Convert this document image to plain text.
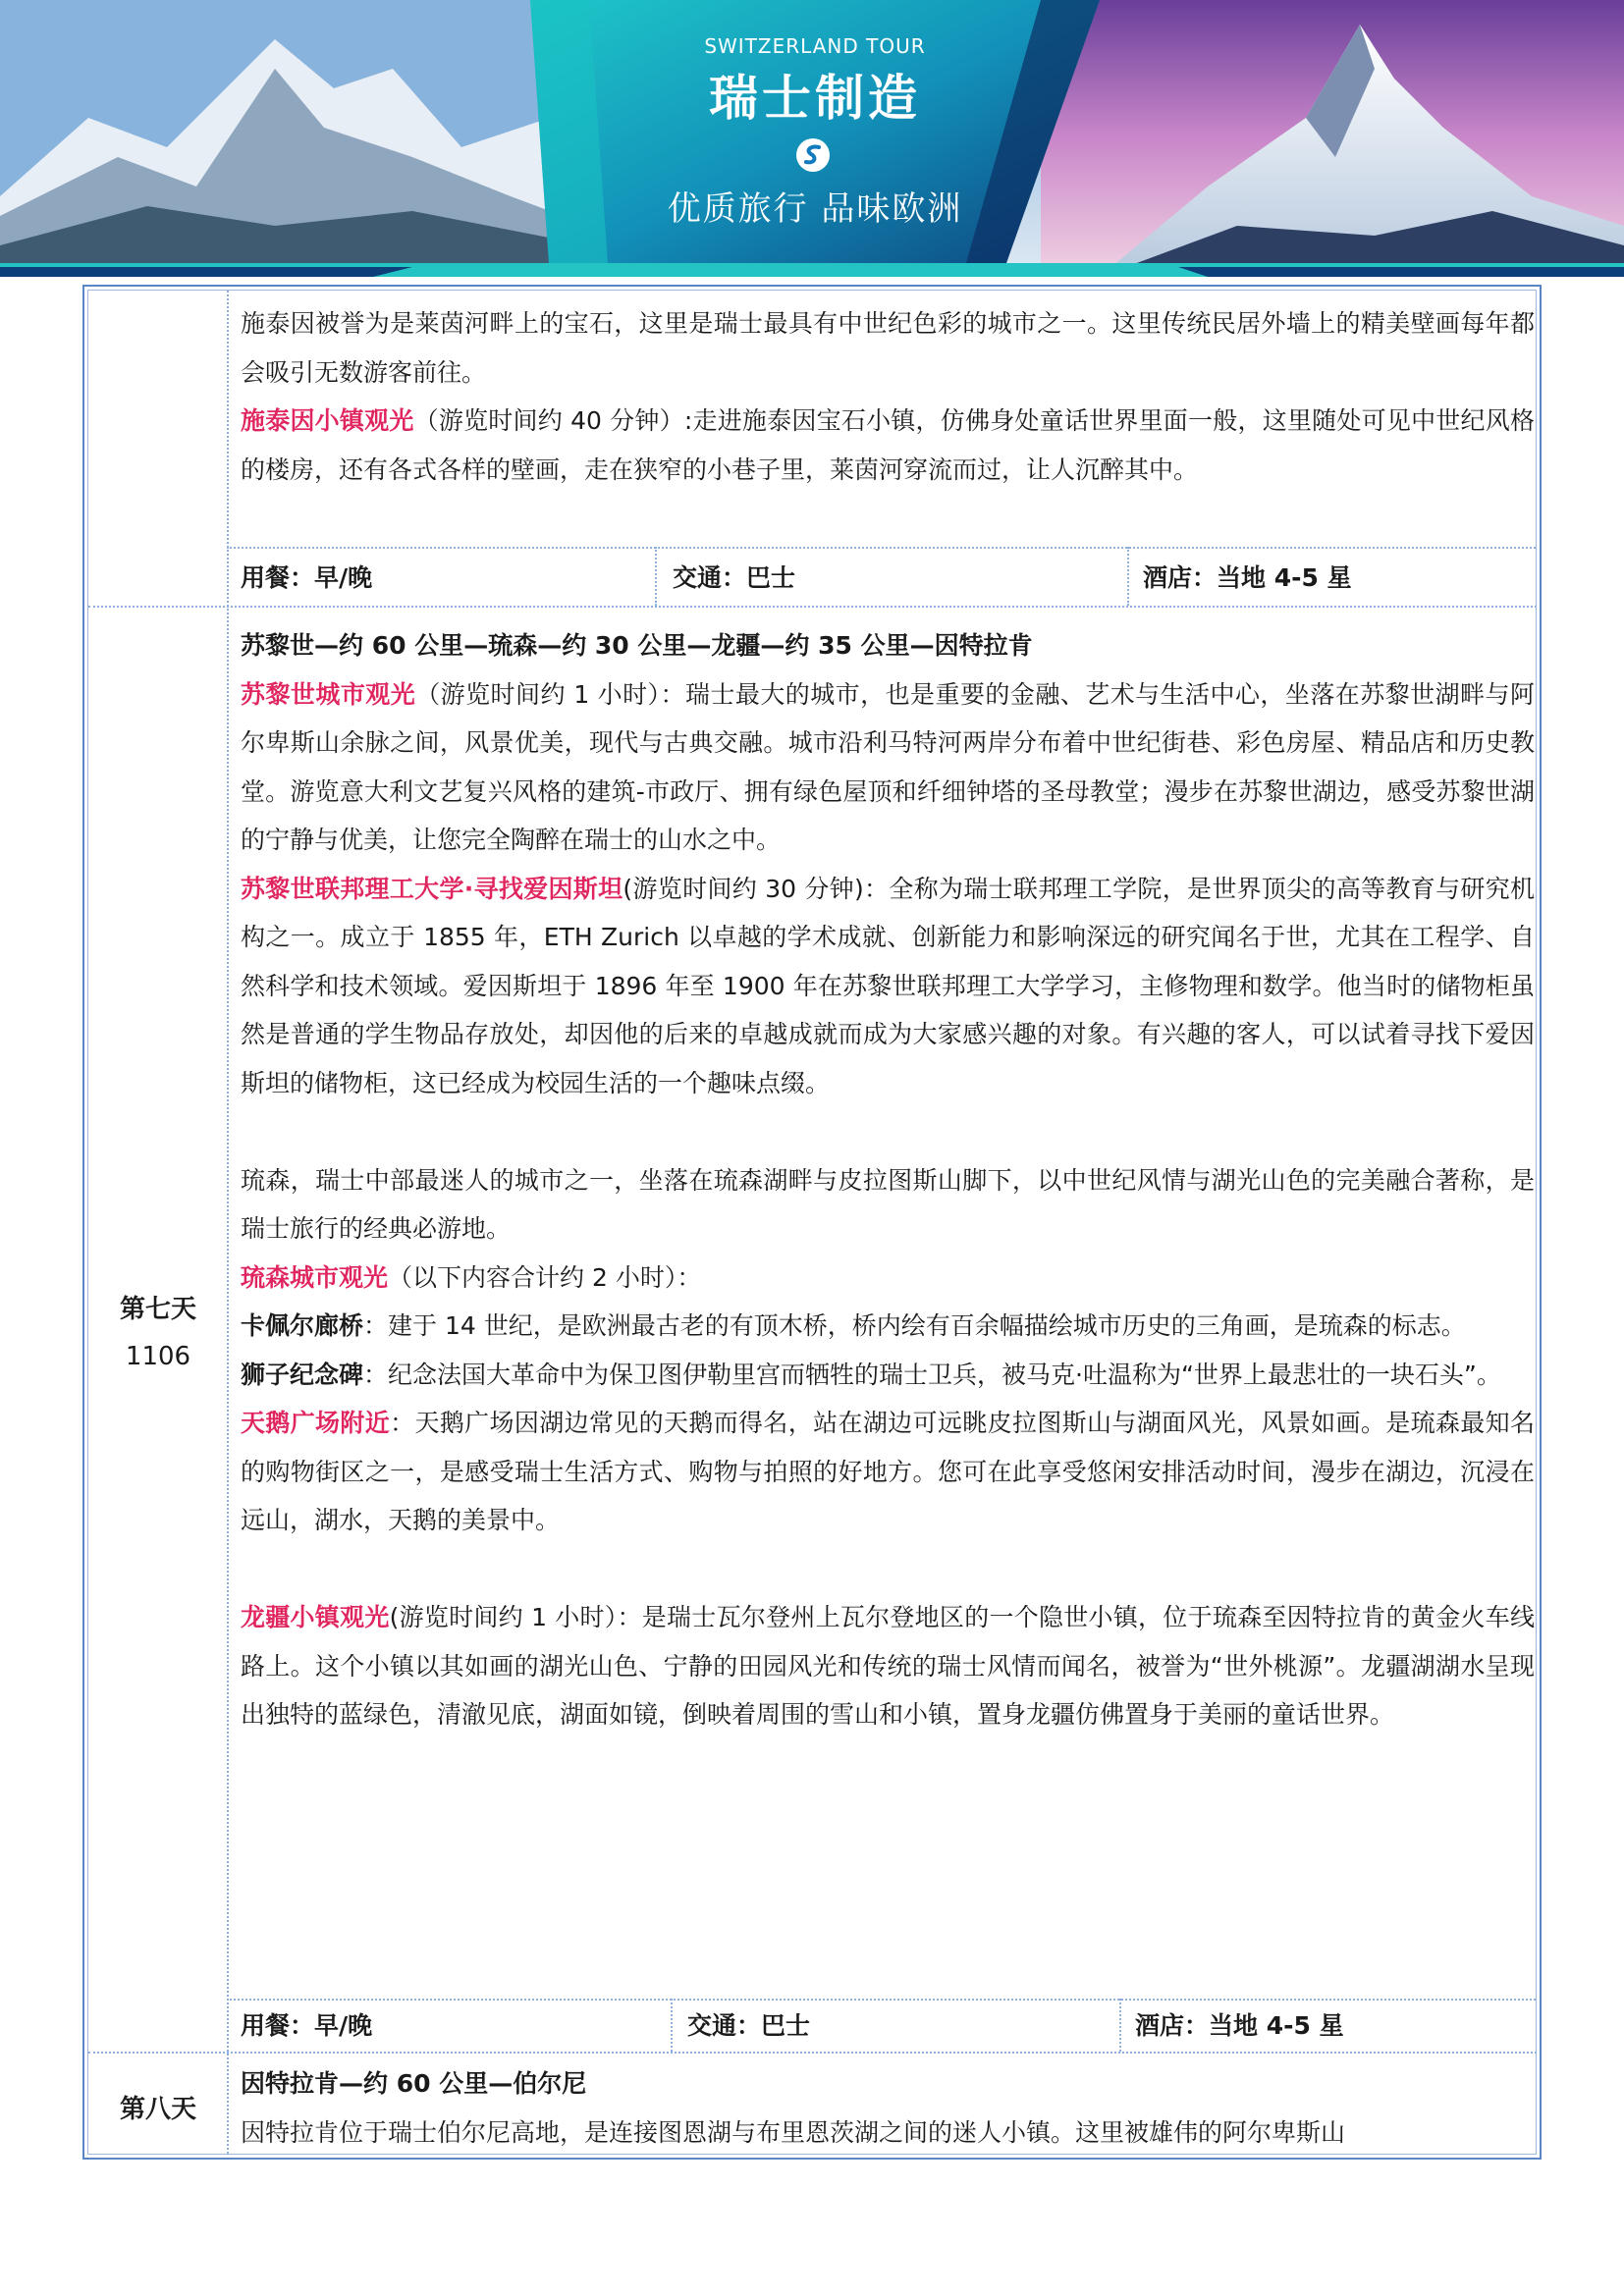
SWITZERLAND TOUR
瑞士制造
优质旅行 品味欧洲

施泰因被誉为是莱茵河畔上的宝石，这里是瑞士最具有中世纪色彩的城市之一。这里传统民居外墙上的精美壁画每年都会吸引无数游客前往。

施泰因小镇观光（游览时间约 40 分钟）:走进施泰因宝石小镇，仿佛身处童话世界里面一般，这里随处可见中世纪风格的楼房，还有各式各样的壁画，走在狭窄的小巷子里，莱茵河穿流而过，让人沉醉其中。

用餐：早/晚	交通：巴士	酒店：当地 4-5 星
第七天
1106

苏黎世—约 60 公里—琉森—约 30 公里—龙疆—约 35 公里—因特拉肯

苏黎世城市观光（游览时间约 1 小时）：瑞士最大的城市，也是重要的金融、艺术与生活中心，坐落在苏黎世湖畔与阿尔卑斯山余脉之间，风景优美，现代与古典交融。城市沿利马特河两岸分布着中世纪街巷、彩色房屋、精品店和历史教堂。游览意大利文艺复兴风格的建筑-市政厅、拥有绿色屋顶和纤细钟塔的圣母教堂；漫步在苏黎世湖边，感受苏黎世湖的宁静与优美，让您完全陶醉在瑞士的山水之中。

苏黎世联邦理工大学·寻找爱因斯坦(游览时间约 30 分钟)：全称为瑞士联邦理工学院，是世界顶尖的高等教育与研究机构之一。成立于 1855 年，ETH Zurich 以卓越的学术成就、创新能力和影响深远的研究闻名于世，尤其在工程学、自然科学和技术领域。爱因斯坦于 1896 年至 1900 年在苏黎世联邦理工大学学习，主修物理和数学。他当时的储物柜虽然是普通的学生物品存放处，却因他的后来的卓越成就而成为大家感兴趣的对象。有兴趣的客人，可以试着寻找下爱因斯坦的储物柜，这已经成为校园生活的一个趣味点缀。

琉森，瑞士中部最迷人的城市之一，坐落在琉森湖畔与皮拉图斯山脚下，以中世纪风情与湖光山色的完美融合著称，是瑞士旅行的经典必游地。

琉森城市观光（以下内容合计约 2 小时）：

卡佩尔廊桥：建于 14 世纪，是欧洲最古老的有顶木桥，桥内绘有百余幅描绘城市历史的三角画，是琉森的标志。

狮子纪念碑：纪念法国大革命中为保卫图伊勒里宫而牺牲的瑞士卫兵，被马克·吐温称为“世界上最悲壮的一块石头”。

天鹅广场附近：天鹅广场因湖边常见的天鹅而得名，站在湖边可远眺皮拉图斯山与湖面风光，风景如画。是琉森最知名的购物街区之一，是感受瑞士生活方式、购物与拍照的好地方。您可在此享受悠闲安排活动时间，漫步在湖边，沉浸在远山，湖水，天鹅的美景中。

龙疆小镇观光(游览时间约 1 小时）：是瑞士瓦尔登州上瓦尔登地区的一个隐世小镇，位于琉森至因特拉肯的黄金火车线路上。这个小镇以其如画的湖光山色、宁静的田园风光和传统的瑞士风情而闻名，被誉为“世外桃源”。龙疆湖湖水呈现出独特的蓝绿色，清澈见底，湖面如镜，倒映着周围的雪山和小镇，置身龙疆仿佛置身于美丽的童话世界。

用餐：早/晚	交通：巴士	酒店：当地 4-5 星
第八天

因特拉肯—约 60 公里—伯尔尼

因特拉肯位于瑞士伯尔尼高地，是连接图恩湖与布里恩茨湖之间的迷人小镇。这里被雄伟的阿尔卑斯山
